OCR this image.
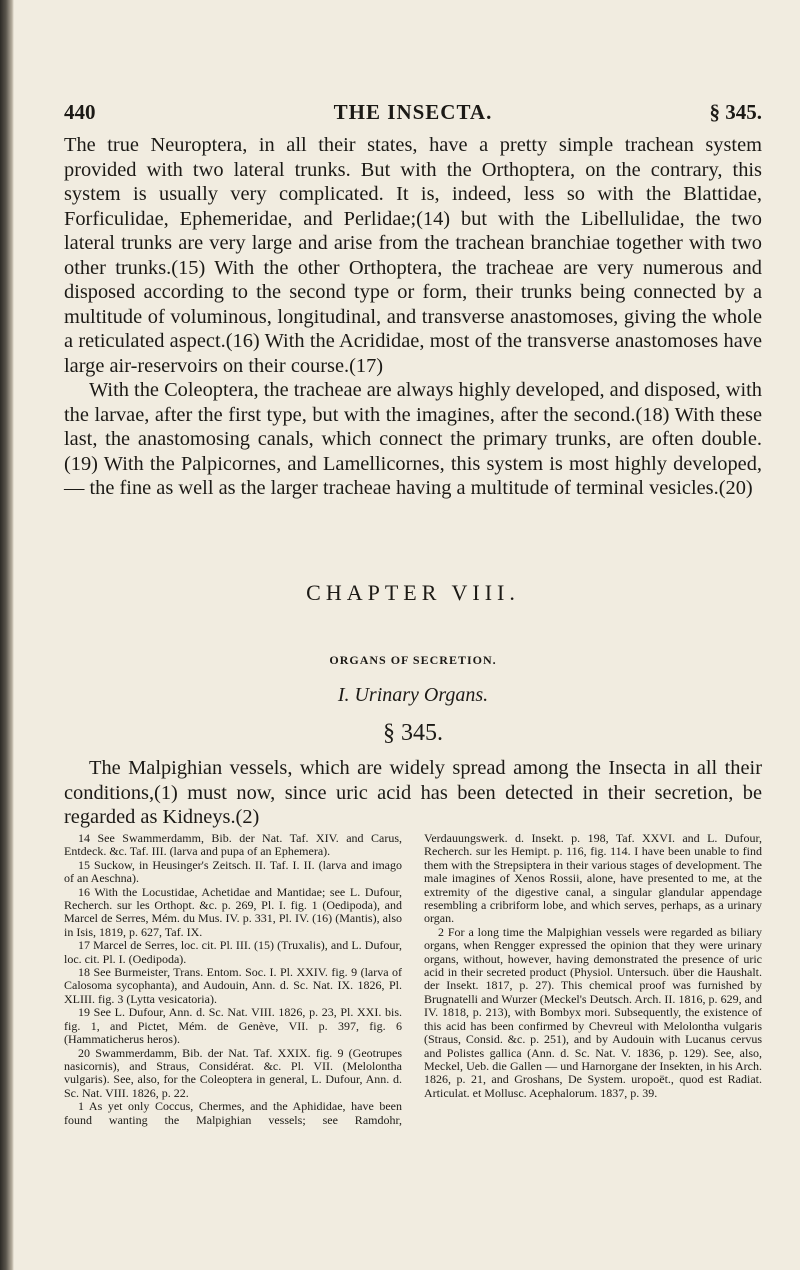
440	THE INSECTA.	§ 345.

The true Neuroptera, in all their states, have a pretty simple tracheаn system provided with two lateral trunks. But with the Orthoptera, on the contrary, this system is usually very complicated. It is, indeed, less so with the Blattidae, Forficulidae, Ephemeridae, and Perlidae;(14) but with the Libellulidae, the two lateral trunks are very large and arise from the trachean branchiae together with two other trunks.(15) With the other Orthoptera, the tracheae are very numerous and disposed according to the second type or form, their trunks being connected by a multitude of voluminous, longitudinal, and transverse anastomoses, giving the whole a reticulated aspect.(16) With the Acrididae, most of the transverse anastomoses have large air-reservoirs on their course.(17)

With the Coleoptera, the tracheae are always highly developed, and disposed, with the larvae, after the first type, but with the imagines, after the second.(18) With these last, the anastomosing canals, which connect the primary trunks, are often double.(19) With the Palpicornes, and Lamellicornes, this system is most highly developed, — the fine as well as the larger tracheae having a multitude of terminal vesicles.(20)

CHAPTER VIII.
ORGANS OF SECRETION.
I. Urinary Organs.
§ 345.

The Malpighian vessels, which are widely spread among the Insecta in all their conditions,(1) must now, since uric acid has been detected in their secretion, be regarded as Kidneys.(2)

14 See Swammerdamm, Bib. der Nat. Taf. XIV. and Carus, Entdeck. &c. Taf. III. (larva and pupa of an Ephemera).

15 Suckow, in Heusinger's Zeitsch. II. Taf. I. II. (larva and imago of an Aeschna).

16 With the Locustidae, Achetidae and Mantidae; see L. Dufour, Recherch. sur les Orthopt. &c. p. 269, Pl. I. fig. 1 (Oedipoda), and Marcel de Serres, Mém. du Mus. IV. p. 331, Pl. IV. (16) (Mantis), also in Isis, 1819, p. 627, Taf. IX.

17 Marcel de Serres, loc. cit. Pl. III. (15) (Truxalis), and L. Dufour, loc. cit. Pl. I. (Oedipoda).

18 See Burmeister, Trans. Entom. Soc. I. Pl. XXIV. fig. 9 (larva of Calosoma sycophanta), and Audouin, Ann. d. Sc. Nat. IX. 1826, Pl. XLIII. fig. 3 (Lytta vesicatoria).

19 See L. Dufour, Ann. d. Sc. Nat. VIII. 1826, p. 23, Pl. XXI. bis. fig. 1, and Pictet, Mém. de Genève, VII. p. 397, fig. 6 (Hammaticherus heros).

20 Swammerdamm, Bib. der Nat. Taf. XXIX. fig. 9 (Geotrupes nasicornis), and Straus, Considérat. &c. Pl. VII. (Melolontha vulgaris). See, also, for the Coleoptera in general, L. Dufour, Ann. d. Sc. Nat. VIII. 1826, p. 22.

1 As yet only Coccus, Chermes, and the Aphididae, have been found wanting the Malpighian vessels; see Ramdohr, Verdauungswerk. d. Insekt. p. 198, Taf. XXVI. and L. Dufour, Recherch. sur les Hemipt. p. 116, fig. 114. I have been unable to find them with the Strepsiptera in their various stages of development. The male imagines of Xenos Rossii, alone, have presented to me, at the extremity of the digestive canal, a singular glandular appendage resembling a cribriform lobe, and which serves, perhaps, as a urinary organ.

2 For a long time the Malpighian vessels were regarded as biliary organs, when Rengger expressed the opinion that they were urinary organs, without, however, having demonstrated the presence of uric acid in their secreted product (Physiol. Untersuch. über die Haushalt. der Insekt. 1817, p. 27). This chemical proof was furnished by Brugnatelli and Wurzer (Meckel's Deutsch. Arch. II. 1816, p. 629, and IV. 1818, p. 213), with Bombyx mori. Subsequently, the existence of this acid has been confirmed by Chevreul with Melolontha vulgaris (Straus, Consid. &c. p. 251), and by Audouin with Lucanus cervus and Polistes gallica (Ann. d. Sc. Nat. V. 1836, p. 129). See, also, Meckel, Ueb. die Gallen — und Harnorgane der Insekten, in his Arch. 1826, p. 21, and Groshans, De System. uropoët., quod est Radiat. Articulat. et Mollusc. Acephalorum. 1837, p. 39.
